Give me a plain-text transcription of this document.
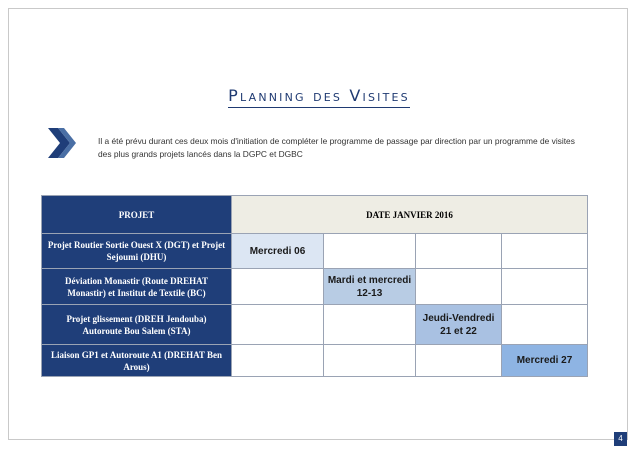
Planning des Visites
Il a été prévu durant ces deux mois d'initiation de compléter le programme de passage par direction par un programme de visites des plus grands projets lancés dans la DGPC et DGBC
PROJET	DATE JANVIER 2016			
Projet Routier Sortie Ouest X (DGT) et Projet Sejoumi (DHU)	Mercredi 06			
Déviation Monastir (Route DREHAT Monastir) et Institut de Textile (BC)		Mardi et mercredi 12-13		
Projet glissement (DREH Jendouba) Autoroute Bou Salem (STA)			Jeudi-Vendredi 21 et 22	
Liaison GP1 et Autoroute A1 (DREHAT Ben Arous)				Mercredi 27
4
